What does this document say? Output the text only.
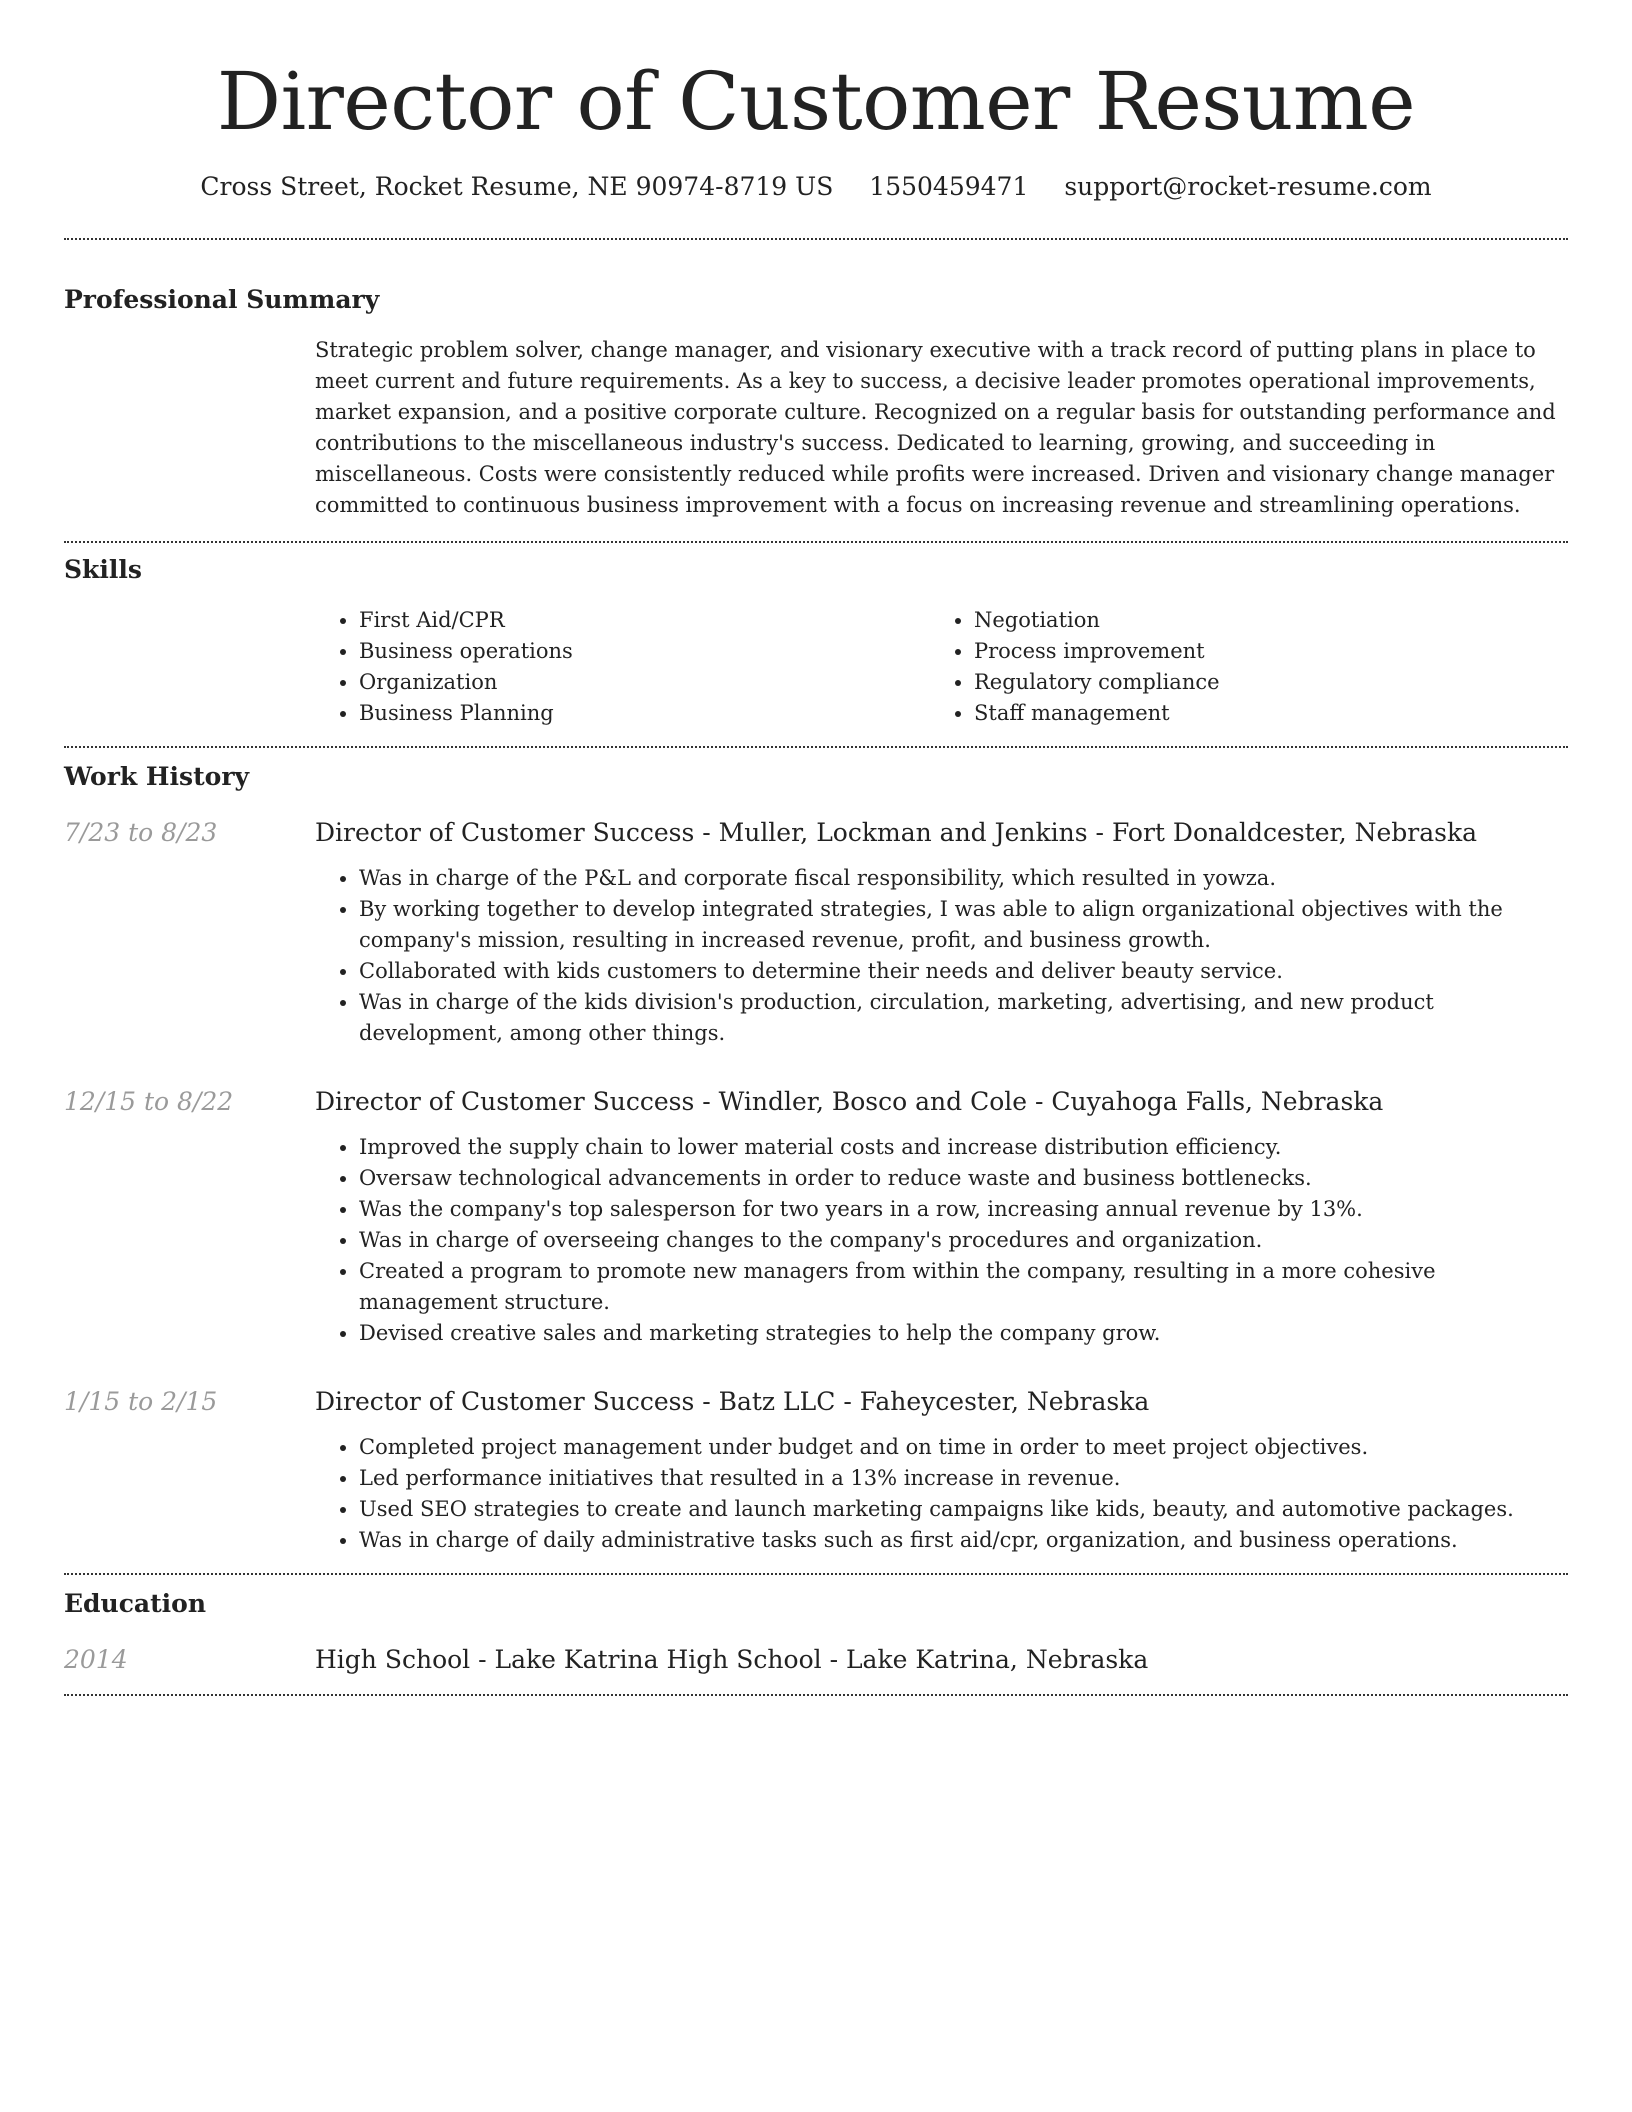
Director of Customer Resume
Cross Street, Rocket Resume, NE 90974-8719 US 1550459471 support@rocket-resume.com
Professional Summary
Strategic problem solver, change manager, and visionary executive with a track record of putting plans in place to meet current and future requirements. As a key to success, a decisive leader promotes operational improvements, market expansion, and a positive corporate culture. Recognized on a regular basis for outstanding performance and contributions to the miscellaneous industry's success. Dedicated to learning, growing, and succeeding in miscellaneous. Costs were consistently reduced while profits were increased. Driven and visionary change manager committed to continuous business improvement with a focus on increasing revenue and streamlining operations.
Skills
• First Aid/CPR
• Business operations
• Organization
• Business Planning
• Negotiation
• Process improvement
• Regulatory compliance
• Staff management
Work History
7/23 to 8/23	Director of Customer Success - Muller, Lockman and Jenkins - Fort Donaldcester, Nebraska
• Was in charge of the P&L and corporate fiscal responsibility, which resulted in yowza.
• By working together to develop integrated strategies, I was able to align organizational objectives with the company's mission, resulting in increased revenue, profit, and business growth.
• Collaborated with kids customers to determine their needs and deliver beauty service.
• Was in charge of the kids division's production, circulation, marketing, advertising, and new product development, among other things.
12/15 to 8/22	Director of Customer Success - Windler, Bosco and Cole - Cuyahoga Falls, Nebraska
• Improved the supply chain to lower material costs and increase distribution efficiency.
• Oversaw technological advancements in order to reduce waste and business bottlenecks.
• Was the company's top salesperson for two years in a row, increasing annual revenue by 13%.
• Was in charge of overseeing changes to the company's procedures and organization.
• Created a program to promote new managers from within the company, resulting in a more cohesive management structure.
• Devised creative sales and marketing strategies to help the company grow.
1/15 to 2/15	Director of Customer Success - Batz LLC - Faheycester, Nebraska
• Completed project management under budget and on time in order to meet project objectives.
• Led performance initiatives that resulted in a 13% increase in revenue.
• Used SEO strategies to create and launch marketing campaigns like kids, beauty, and automotive packages.
• Was in charge of daily administrative tasks such as first aid/cpr, organization, and business operations.
Education
2014	High School - Lake Katrina High School - Lake Katrina, Nebraska
